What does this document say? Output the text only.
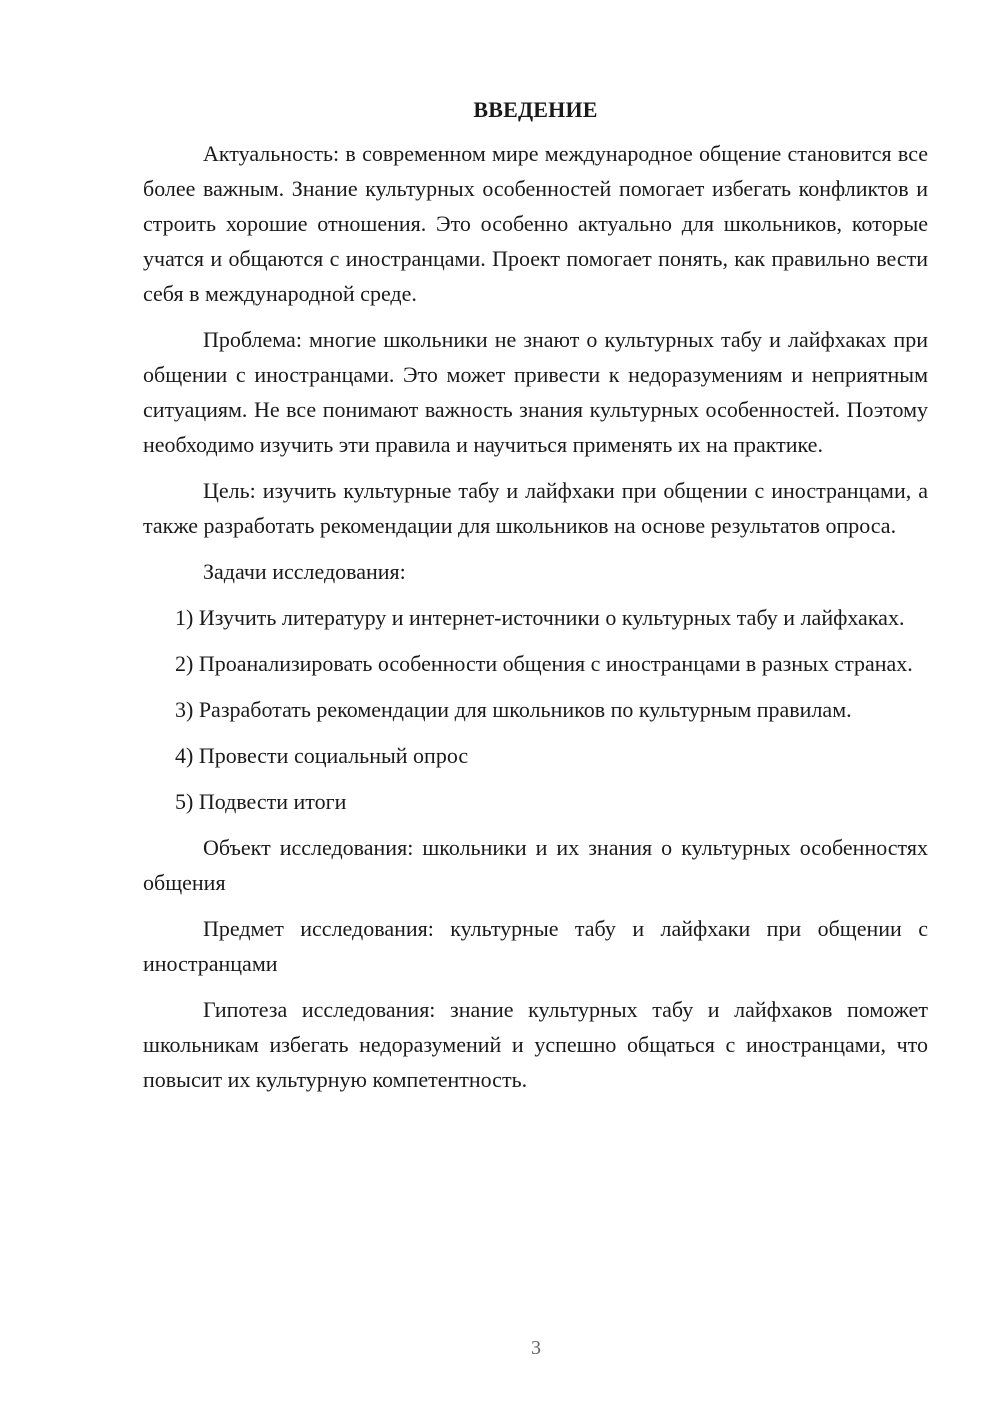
ВВЕДЕНИЕ

Актуальность: в современном мире международное общение становится все более важным. Знание культурных особенностей помогает избегать конфликтов и строить хорошие отношения. Это особенно актуально для школьников, которые учатся и общаются с иностранцами. Проект помогает понять, как правильно вести себя в международной среде.

Проблема: многие школьники не знают о культурных табу и лайфхаках при общении с иностранцами. Это может привести к недоразумениям и неприятным ситуациям. Не все понимают важность знания культурных особенностей. Поэтому необходимо изучить эти правила и научиться применять их на практике.

Цель: изучить культурные табу и лайфхаки при общении с иностранцами, а также разработать рекомендации для школьников на основе результатов опроса.

Задачи исследования:

1) Изучить литературу и интернет-источники о культурных табу и лайфхаках.

2) Проанализировать особенности общения с иностранцами в разных странах.

3) Разработать рекомендации для школьников по культурным правилам.

4) Провести социальный опрос

5) Подвести итоги

Объект исследования: школьники и их знания о культурных особенностях общения

Предмет исследования: культурные табу и лайфхаки при общении с иностранцами

Гипотеза исследования: знание культурных табу и лайфхаков поможет школьникам избегать недоразумений и успешно общаться с иностранцами, что повысит их культурную компетентность.

3
